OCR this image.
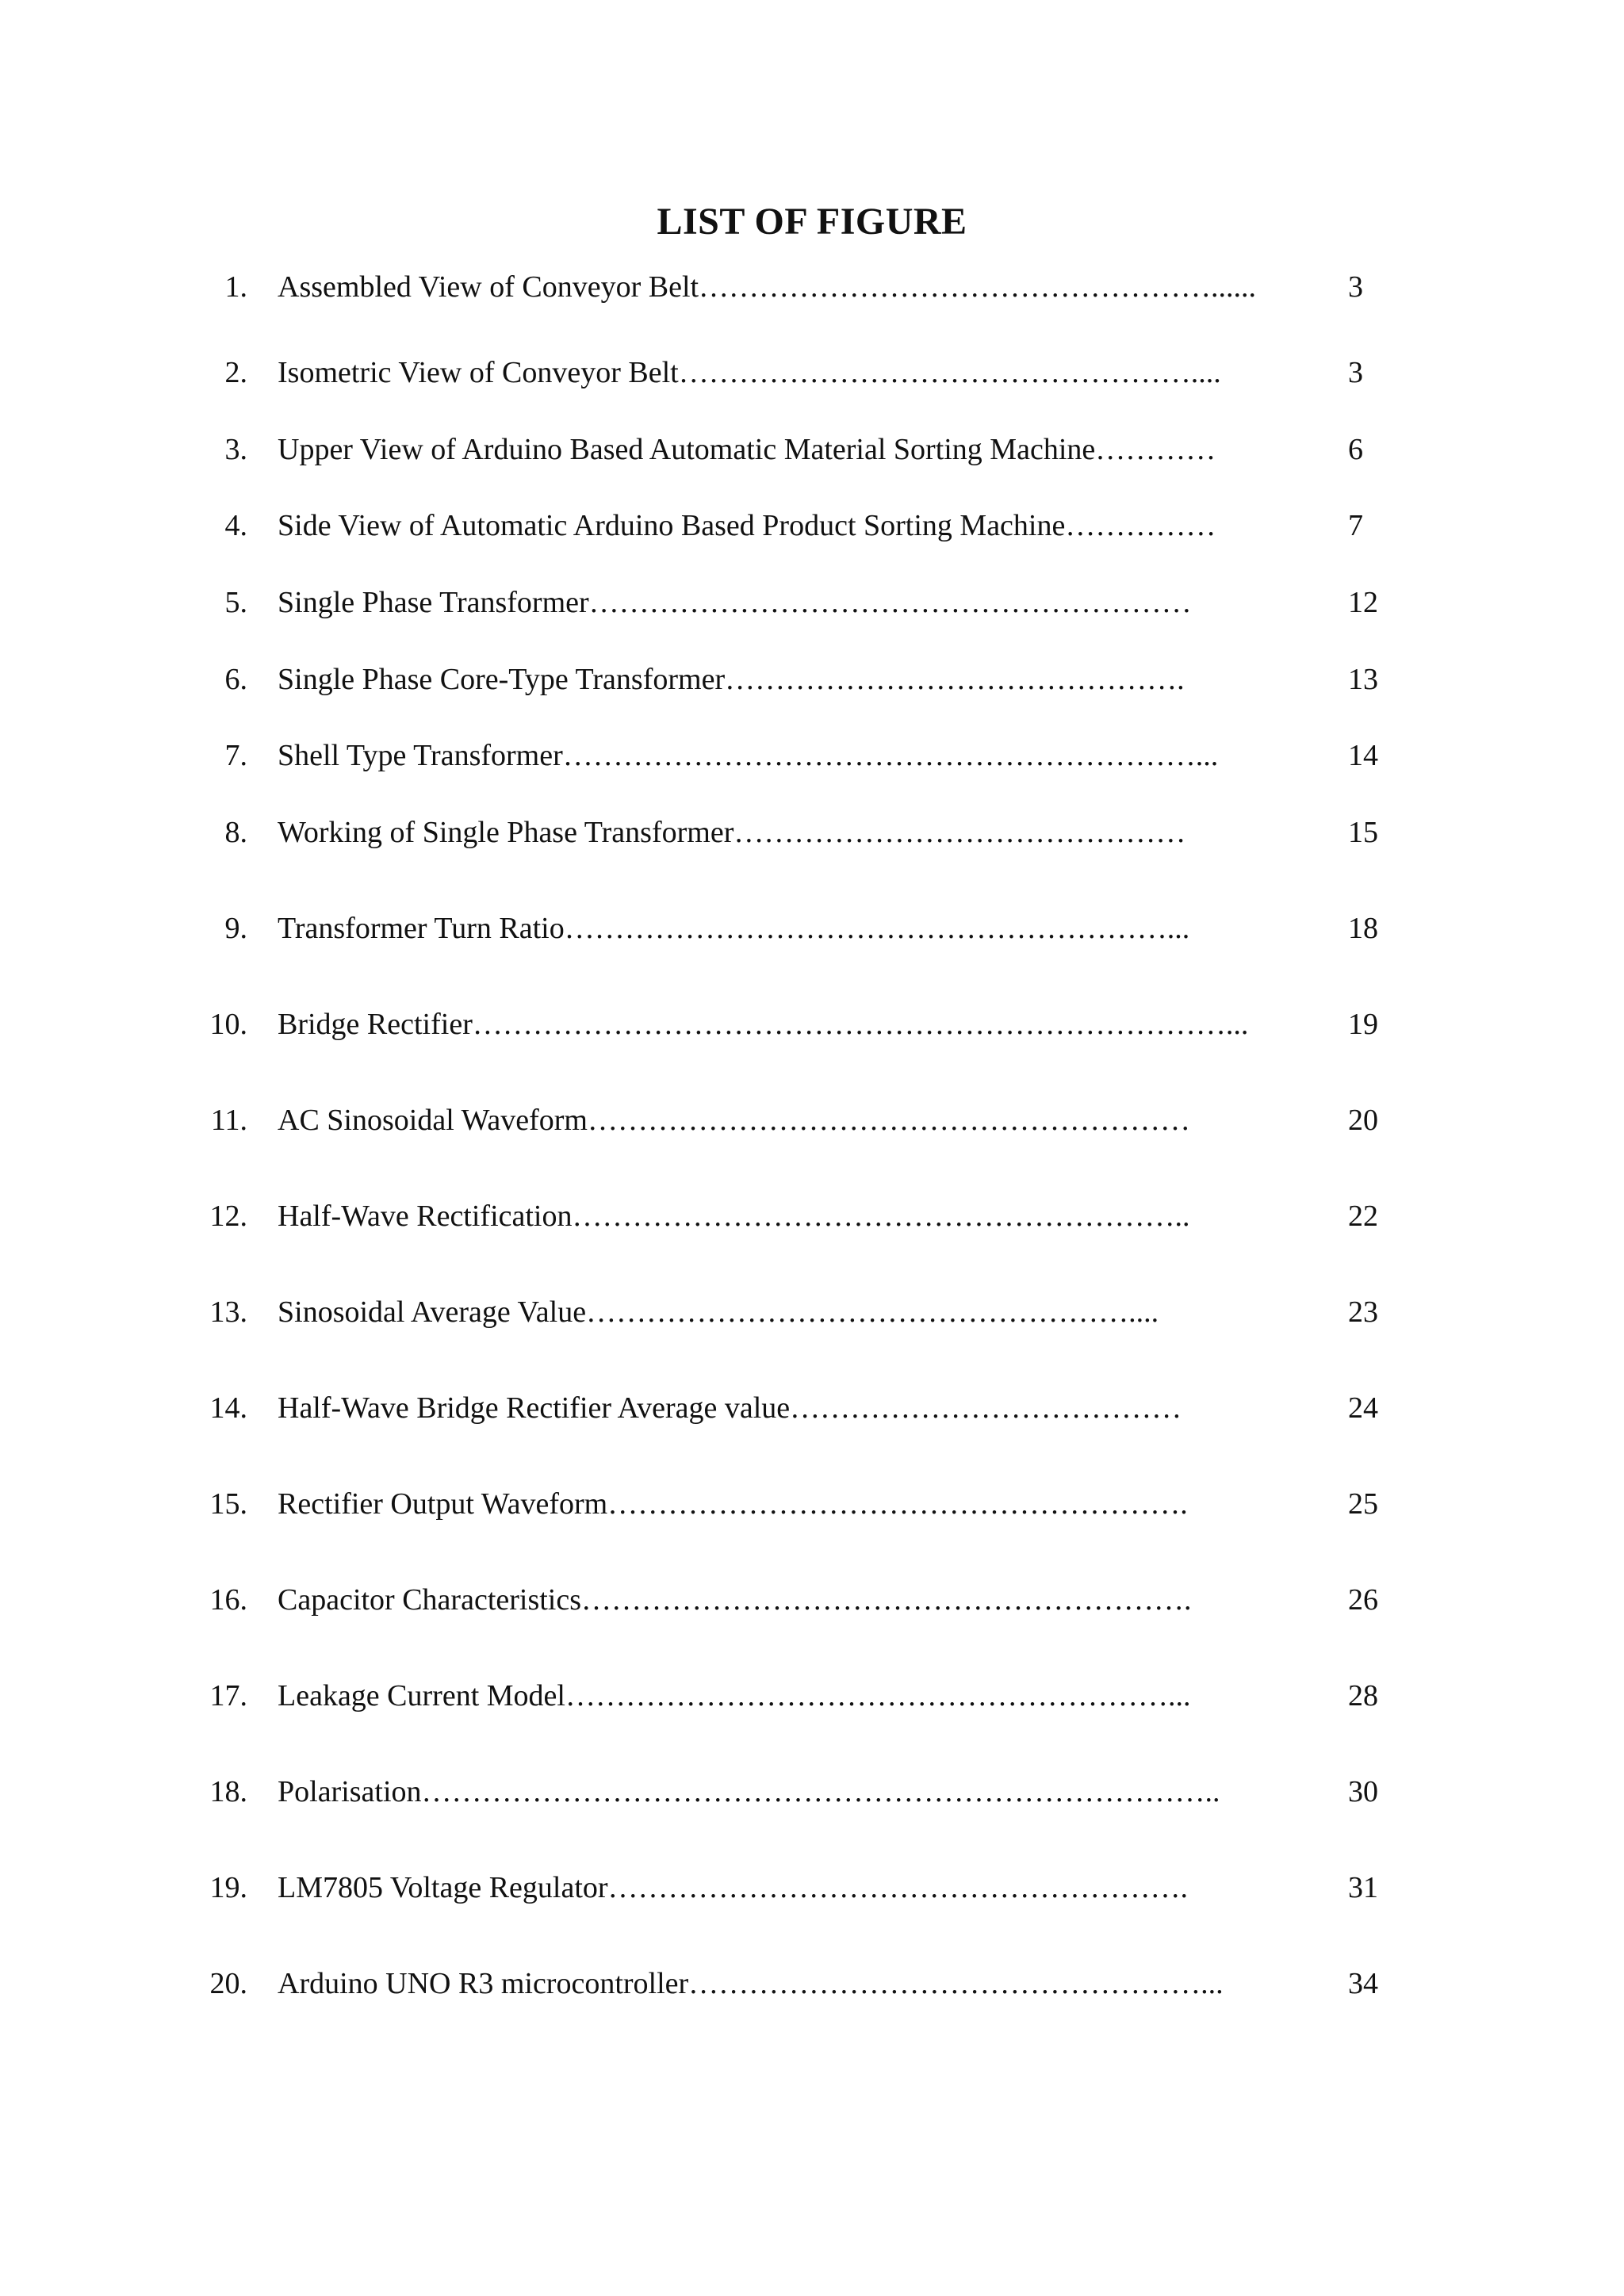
LIST OF FIGURE
1. Assembled View of Conveyor Belt……………………………………………......	3
2. Isometric View of Conveyor Belt……………………………………………....	3
3. Upper View of Arduino Based Automatic Material Sorting Machine…………	6
4. Side View of Automatic Arduino Based Product Sorting Machine……………	7
5. Single Phase Transformer……………………………………………………	12
6. Single Phase Core-Type Transformer……………………………………….	13
7. Shell Type Transformer………………………………………………………...	14
8. Working of Single Phase Transformer………………………………………	15
9. Transformer Turn Ratio……………………………………………………...	18
10. Bridge Rectifier…………………………………………………………………...	19
11. AC Sinosoidal Waveform……………………………………………………	20
12. Half-Wave Rectification……………………………………………………..	22
13. Sinosoidal Average Value………………………………………………....	23
14. Half-Wave Bridge Rectifier Average value…………………………………	24
15. Rectifier Output Waveform………………………………………………….	25
16. Capacitor Characteristics…………………………………………………….	26
17. Leakage Current Model……………………………………………………...	28
18. Polarisation……………………………………………………………………..	30
19. LM7805 Voltage Regulator………………………………………………….	31
20. Arduino UNO R3 microcontroller……………………………………………...	34
